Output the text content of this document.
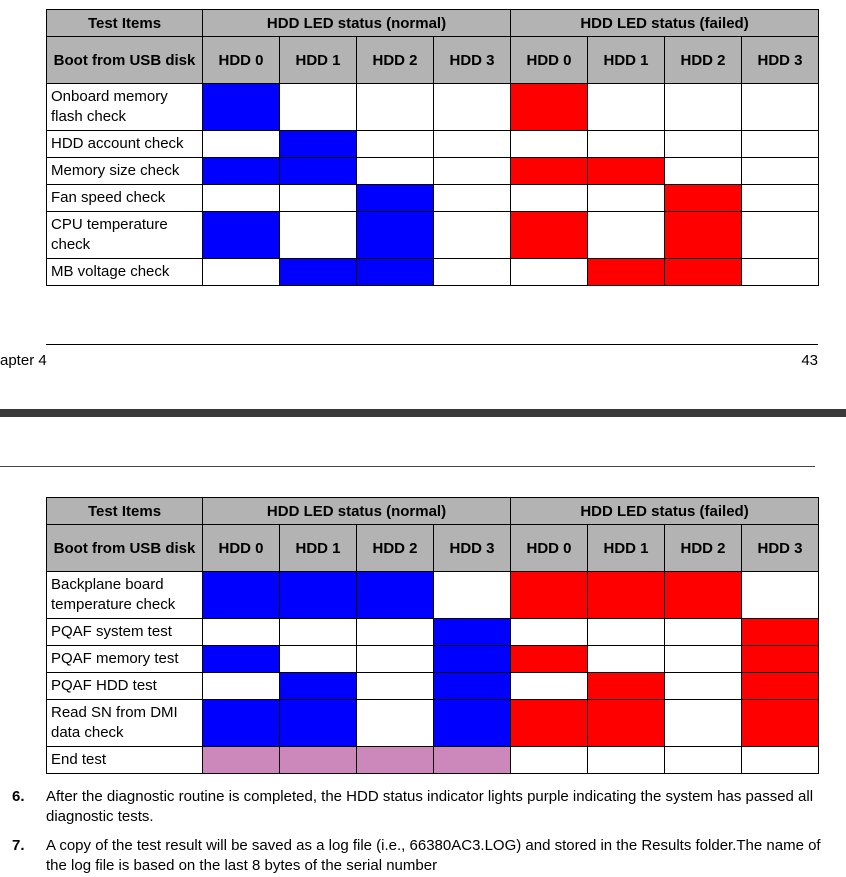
Test Items	HDD LED status (normal)				HDD LED status (failed)			
Boot from USB disk	HDD 0	HDD 1	HDD 2	HDD 3	HDD 0	HDD 1	HDD 2	HDD 3
Onboard memory flash check								
HDD account check								
Memory size check								
Fan speed check								
CPU temperature check								
MB voltage check								
apter 4	43
Test Items	HDD LED status (normal)				HDD LED status (failed)			
Boot from USB disk	HDD 0	HDD 1	HDD 2	HDD 3	HDD 0	HDD 1	HDD 2	HDD 3
Backplane board temperature check								
PQAF system test								
PQAF memory test								
PQAF HDD test								
Read SN from DMI data check								
End test								
6. After the diagnostic routine is completed, the HDD status indicator lights purple indicating the system has passed all diagnostic tests.
7. A copy of the test result will be saved as a log file (i.e., 66380AC3.LOG) and stored in the Results folder.The name of the log file is based on the last 8 bytes of the serial number
